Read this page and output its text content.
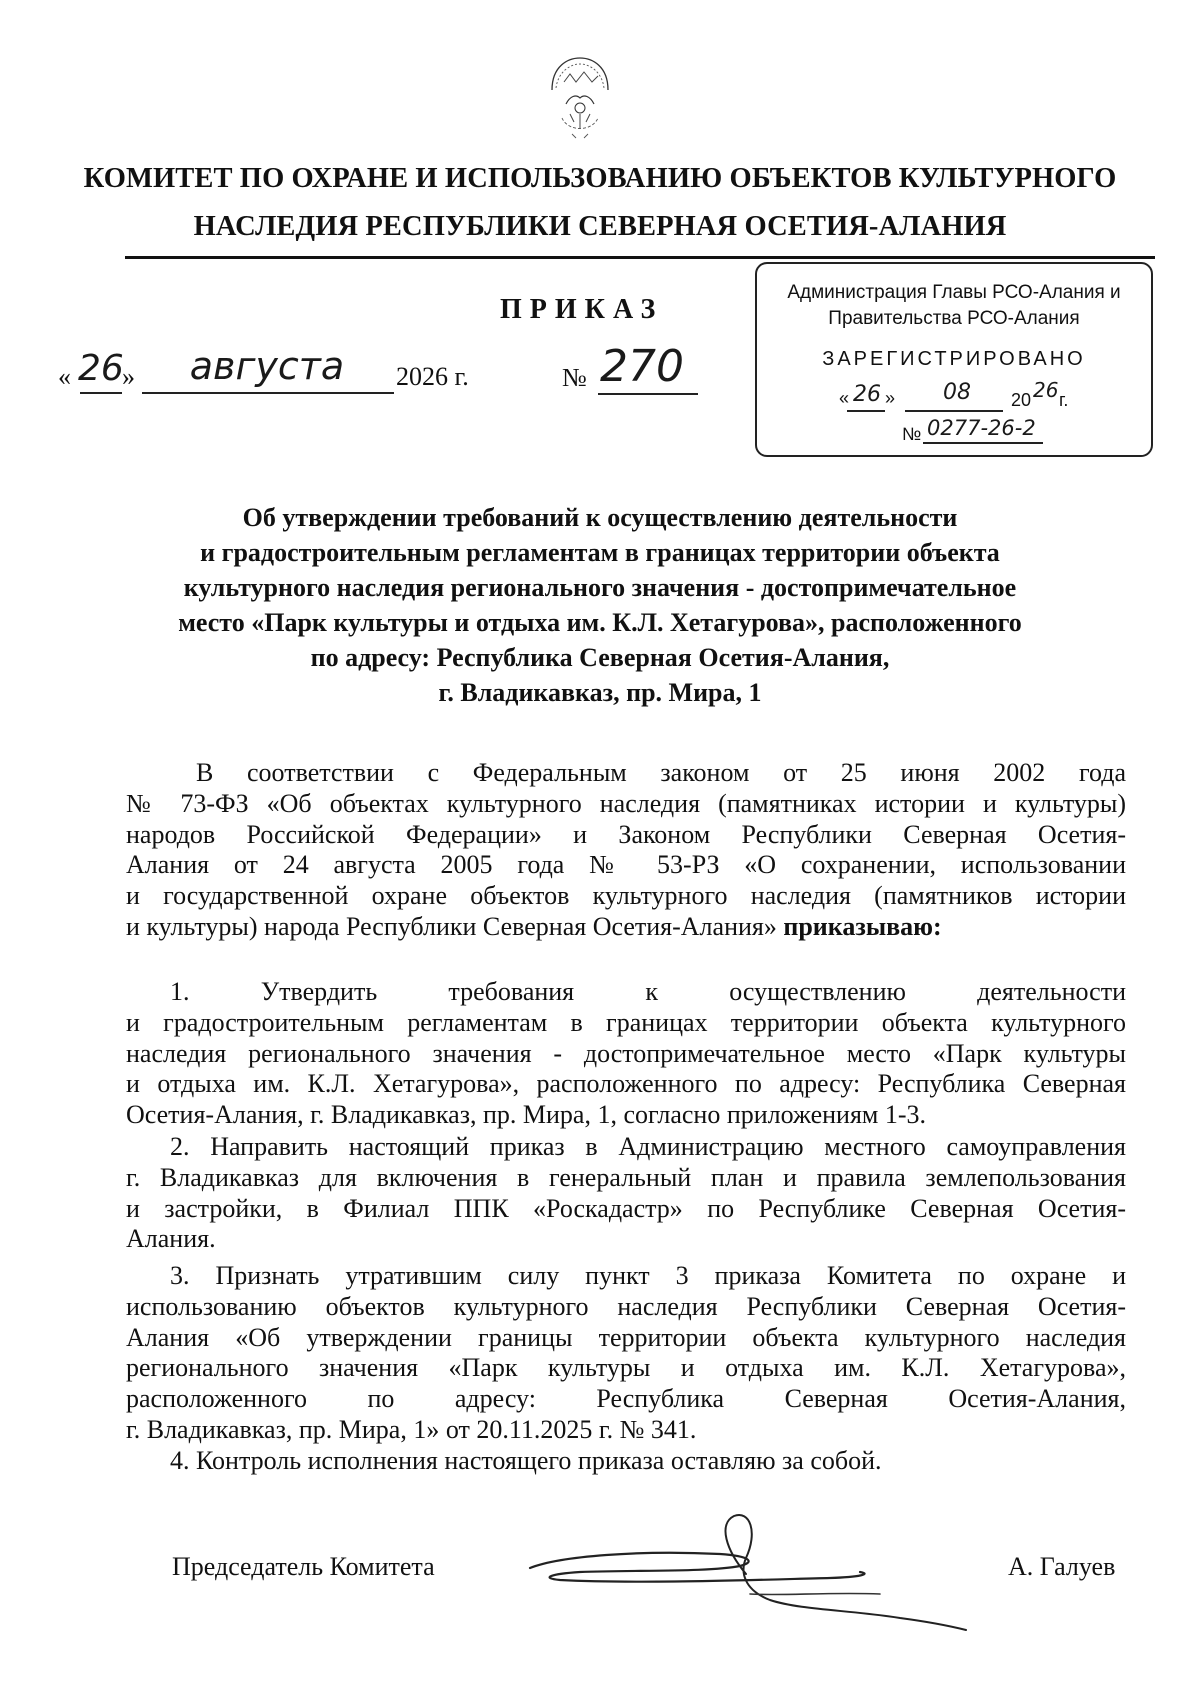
КОМИТЕТ ПО ОХРАНЕ И ИСПОЛЬЗОВАНИЮ ОБЪЕКТОВ КУЛЬТУРНОГО
НАСЛЕДИЯ РЕСПУБЛИКИ СЕВЕРНАЯ ОСЕТИЯ-АЛАНИЯ
ПРИКАЗ
« 26
»	августа	2026 г.	№ 270
Администрация Главы РСО-Алания и
Правительства РСО-Алания
ЗАРЕГИСТРИРОВАНО
« 26 » 08 20 26 г.
№ 0277-26-2
Об утверждении требований к осуществлению деятельности
и градостроительным регламентам в границах территории объекта
культурного наследия регионального значения - достопримечательное
место «Парк культуры и отдыха им. К.Л. Хетагурова», расположенного
по адресу: Республика Северная Осетия-Алания,
г. Владикавказ, пр. Мира, 1
В соответствии с Федеральным законом от 25 июня 2002 года
№ 73-ФЗ «Об объектах культурного наследия (памятниках истории и культуры)
народов Российской Федерации» и Законом Республики Северная Осетия-
Алания от 24 августа 2005 года № 53-РЗ «О сохранении, использовании
и государственной охране объектов культурного наследия (памятников истории
и культуры) народа Республики Северная Осетия-Алания» приказываю:
1. Утвердить требования к осуществлению деятельности
и градостроительным регламентам в границах территории объекта культурного
наследия регионального значения - достопримечательное место «Парк культуры
и отдыха им. К.Л. Хетагурова», расположенного по адресу: Республика Северная
Осетия-Алания, г. Владикавказ, пр. Мира, 1, согласно приложениям 1-3.
2. Направить настоящий приказ в Администрацию местного самоуправления
г. Владикавказ для включения в генеральный план и правила землепользования
и застройки, в Филиал ППК «Роскадастр» по Республике Северная Осетия-
Алания.
3. Признать утратившим силу пункт 3 приказа Комитета по охране и
использованию объектов культурного наследия Республики Северная Осетия-
Алания «Об утверждении границы территории объекта культурного наследия
регионального значения «Парк культуры и отдыха им. К.Л. Хетагурова»,
расположенного по адресу: Республика Северная Осетия-Алания,
г. Владикавказ, пр. Мира, 1» от 20.11.2025 г. № 341.
4. Контроль исполнения настоящего приказа оставляю за собой.
Председатель Комитета	А. Галуев
